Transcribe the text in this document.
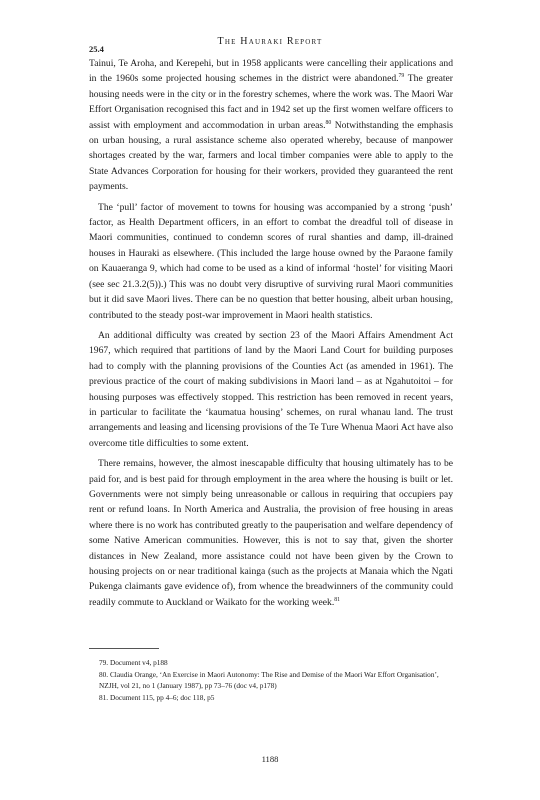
The Hauraki Report
25.4

Tainui, Te Aroha, and Kerepehi, but in 1958 applicants were cancelling their applications and in the 1960s some projected housing schemes in the district were abandoned.$^{79}$ The greater housing needs were in the city or in the forestry schemes, where the work was. The Maori War Effort Organisation recognised this fact and in 1942 set up the first women welfare officers to assist with employment and accommodation in urban areas.$^{80}$ Notwithstanding the emphasis on urban housing, a rural assistance scheme also operated whereby, because of manpower shortages created by the war, farmers and local timber companies were able to apply to the State Advances Corporation for housing for their workers, provided they guaranteed the rent payments.

The ‘pull’ factor of movement to towns for housing was accompanied by a strong ‘push’ factor, as Health Department officers, in an effort to combat the dreadful toll of disease in Maori communities, continued to condemn scores of rural shanties and damp, ill-drained houses in Hauraki as elsewhere. (This included the large house owned by the Paraone family on Kauaeranga 9, which had come to be used as a kind of informal ‘hostel’ for visiting Maori (see sec 21.3.2(5)).) This was no doubt very disruptive of surviving rural Maori communities but it did save Maori lives. There can be no question that better housing, albeit urban housing, contributed to the steady post-war improvement in Maori health statistics.

An additional difficulty was created by section 23 of the Maori Affairs Amendment Act 1967, which required that partitions of land by the Maori Land Court for building purposes had to comply with the planning provisions of the Counties Act (as amended in 1961). The previous practice of the court of making subdivisions in Maori land – as at Ngahutoitoi – for housing purposes was effectively stopped. This restriction has been removed in recent years, in particular to facilitate the ‘kaumatua housing’ schemes, on rural whanau land. The trust arrangements and leasing and licensing provisions of the Te Ture Whenua Maori Act have also overcome title difficulties to some extent.

There remains, however, the almost inescapable difficulty that housing ultimately has to be paid for, and is best paid for through employment in the area where the housing is built or let. Governments were not simply being unreasonable or callous in requiring that occupiers pay rent or refund loans. In North America and Australia, the provision of free housing in areas where there is no work has contributed greatly to the pauperisation and welfare dependency of some Native American communities. However, this is not to say that, given the shorter distances in New Zealand, more assistance could not have been given by the Crown to housing projects on or near traditional kainga (such as the projects at Manaia which the Ngati Pukenga claimants gave evidence of), from whence the breadwinners of the community could readily commute to Auckland or Waikato for the working week.$^{81}$

79. Document v4, p188

80. Claudia Orange, ‘An Exercise in Maori Autonomy: The Rise and Demise of the Maori War Effort Organisation’, NZJH, vol 21, no 1 (January 1987), pp 73–76 (doc v4, p178)

81. Document 115, pp 4–6; doc 118, p5

1188
